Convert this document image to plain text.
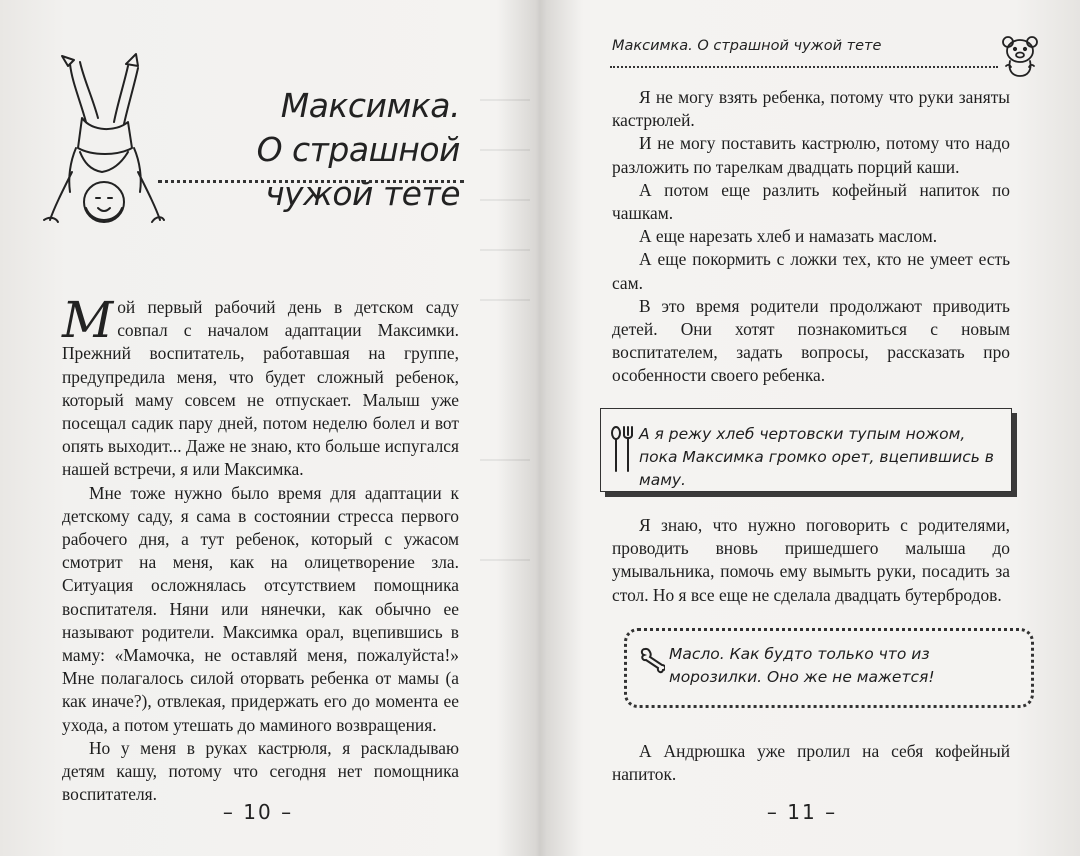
Максимка.
О страшной чужой тете

Мой первый рабочий день в детском саду совпал с началом адаптации Максимки. Прежний воспитатель, работавшая на группе, предупредила меня, что будет сложный ребенок, который маму совсем не отпускает. Малыш уже посещал садик пару дней, потом неделю болел и вот опять выходит... Даже не знаю, кто больше испугался нашей встречи, я или Максимка.

Мне тоже нужно было время для адаптации к детскому саду, я сама в состоянии стресса первого рабочего дня, а тут ребенок, который с ужасом смотрит на меня, как на олицетворение зла. Ситуация осложнялась отсутствием помощника воспитателя. Няни или нянечки, как обычно ее называют родители. Максимка орал, вцепившись в маму: «Мамочка, не оставляй меня, пожалуйста!» Мне полагалось силой оторвать ребенка от мамы (а как иначе?), отвлекая, придержать его до момента ее ухода, а потом утешать до маминого возвращения.

Но у меня в руках кастрюля, я раскладываю детям кашу, потому что сегодня нет помощника воспитателя.

– 10 –
Максимка. О страшной чужой тете

Я не могу взять ребенка, потому что руки заняты кастрюлей.

И не могу поставить кастрюлю, потому что надо разложить по тарелкам двадцать порций каши.

А потом еще разлить кофейный напиток по чашкам.

А еще нарезать хлеб и намазать маслом.

А еще покормить с ложки тех, кто не умеет есть сам.

В это время родители продолжают приводить детей. Они хотят познакомиться с новым воспитателем, задать вопросы, рассказать про особенности своего ребенка.

А я режу хлеб чертовски тупым ножом, пока Максимка громко орет, вцепившись в маму.

Я знаю, что нужно поговорить с родителями, проводить вновь пришедшего малыша до умывальника, помочь ему вымыть руки, посадить за стол. Но я все еще не сделала двадцать бутербродов.

Масло. Как будто только что из морозилки. Оно же не мажется!

А Андрюшка уже пролил на себя кофейный напиток.

– 11 –
